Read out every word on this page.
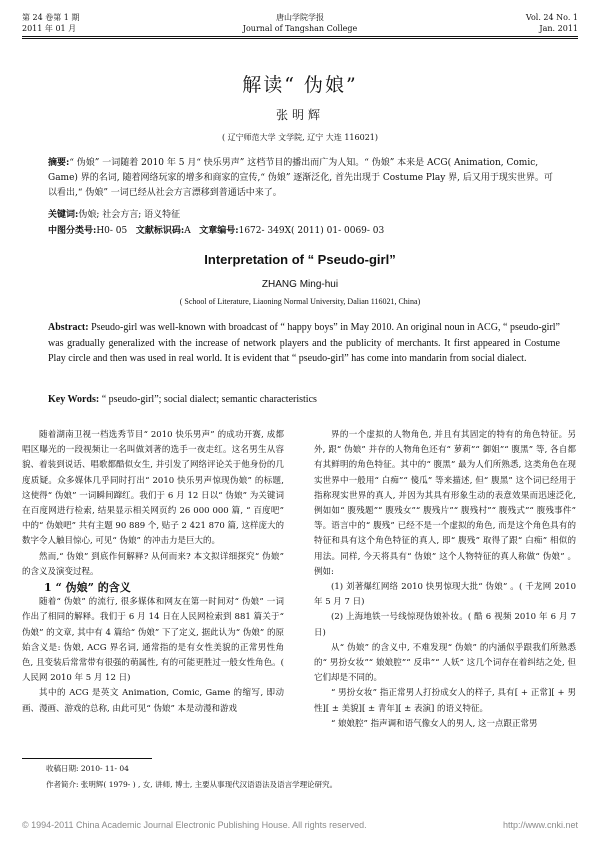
第 24 卷第 1 期
2011 年 01 月
唐山学院学报
Journal of Tangshan College
Vol. 24 No. 1
Jan. 2011
解读“ 伪娘”
张明辉
( 辽宁师范大学 文学院, 辽宁 大连 116021)
摘要:“ 伪娘” 一词随着 2010 年 5 月“ 快乐男声” 这档节目的播出而广为人知。“ 伪娘” 本来是 ACG( Animation, Comic, Game) 界的名词, 随着网络玩家的增多和商家的宣传,“ 伪娘” 逐渐泛化, 首先出现于 Costume Play 界, 后又用于现实世界。可以看出,“ 伪娘” 一词已经从社会方言漂移到普通话中来了。
关键词:伪娘; 社会方言; 语义特征
中图分类号:H0- 05 文献标识码:A 文章编号:1672- 349X( 2011) 01- 0069- 03
Interpretation of “ Pseudo-girl”
ZHANG Ming-hui
( School of Literature, Liaoning Normal University, Dalian 116021, China)
Abstract: Pseudo-girl was well-known with broadcast of “ happy boys” in May 2010. An original noun in ACG, “ pseudo-girl” was gradually generalized with the increase of network players and the publicity of merchants. It first appeared in Costume Play circle and then was used in real world. It is evident that “ pseudo-girl” has come into mandarin from social dialect.
Key Words: “ pseudo-girl”; social dialect; semantic characteristics

随着湖南卫视一档选秀节目“ 2010 快乐男声” 的成功开赛, 成都唱区曝光的一段视频让一名叫做刘著的选手一夜走红。这名男生从容貌、着装到说话、唱歌都酷似女生, 并引发了网络评论关于他身份的几度质疑。众多媒体几乎同时打出“ 2010 快乐男声惊现伪娘” 的标题, 这使得“ 伪娘” 一词瞬间蹿红。我们于 6 月 12 日以“ 伪娘” 为关键词在百度网进行检索, 结果显示相关网页约 26 000 000 篇, “ 百度吧” 中的“ 伪娘吧” 共有主题 90 889 个, 贴子 2 421 870 篇, 这样庞大的数字令人触目惊心, 可见“ 伪娘” 的冲击力是巨大的。

然而,“ 伪娘” 到底作何解释? 从何而来? 本文拟详细探究“ 伪娘” 的含义及演变过程。

1 “ 伪娘” 的含义

随着“ 伪娘” 的流行, 很多媒体和网友在第一时间对“ 伪娘” 一词作出了相同的解释。我们于 6 月 14 日在人民网检索到 881 篇关于“ 伪娘” 的文章, 其中有 4 篇给“ 伪娘” 下了定义, 据此认为“ 伪娘” 的原始含义是: 伪娘, ACG 界名词, 通常指的是有女性美貌的正常男性角色, 且变装后常常带有很强的萌属性, 有的可能更胜过一般女性角色。( 人民网 2010 年 5 月 12 日)

其中的 ACG 是英文 Animation, Comic, Game 的缩写, 即动画、漫画、游戏的总称, 由此可见“ 伪娘” 本是动漫和游戏

界的一个虚拟的人物角色, 并且有其固定的特有的角色特征。另外, 跟“ 伪娘” 并存的人物角色还有“ 萝莉”“ 御姐”“ 腹黑” 等, 各自都有其鲜明的角色特征。其中的“ 腹黑” 最为人们所熟悉, 这类角色在现实世界中一般用“ 白痴”“ 傻瓜” 等来描述, 但“ 腹黑” 这个词已经用于指称现实世界的真人, 并因为其具有形象生动的表意效果而迅速泛化, 例如如“ 腹残题”“ 腹残女”“ 腹残片”“ 腹残村”“ 腹残式”“ 腹残事件” 等。语言中的“ 腹残” 已经不是一个虚拟的角色, 而是这个角色具有的特征和具有这个角色特征的真人, 即“ 腹残” 取得了跟“ 白痴” 相似的用法。同样, 今天将具有“ 伪娘” 这个人物特征的真人称做“ 伪娘” 。例如:

(1) 刘著爆红网络 2010 快男惊现大批“ 伪娘” 。( 千龙网 2010 年 5 月 7 日)

(2) 上海地铁一号线惊现伪娘补妆。( 酷 6 视频 2010 年 6 月 7 日)

从“ 伪娘” 的含义中, 不难发现“ 伪娘” 的内涵似乎跟我们所熟悉的“ 男扮女妆”“ 娘娘腔”“ 反串”“ 人妖” 这几个词存在着纠结之处, 但它们却是不同的。

“ 男扮女妆” 指正常男人打扮成女人的样子, 具有[ + 正常][ + 男性][ ± 美貌][ ± 青年][ ± 表演] 的语义特征。

“ 娘娘腔” 指声调和语气像女人的男人, 这一点跟正常男

收稿日期: 2010- 11- 04
作者简介: 张明辉( 1979- ) , 女, 讲师, 博士, 主要从事现代汉语语法及语言学理论研究。
© 1994-2011 China Academic Journal Electronic Publishing House. All rights reserved.	http://www.cnki.net
